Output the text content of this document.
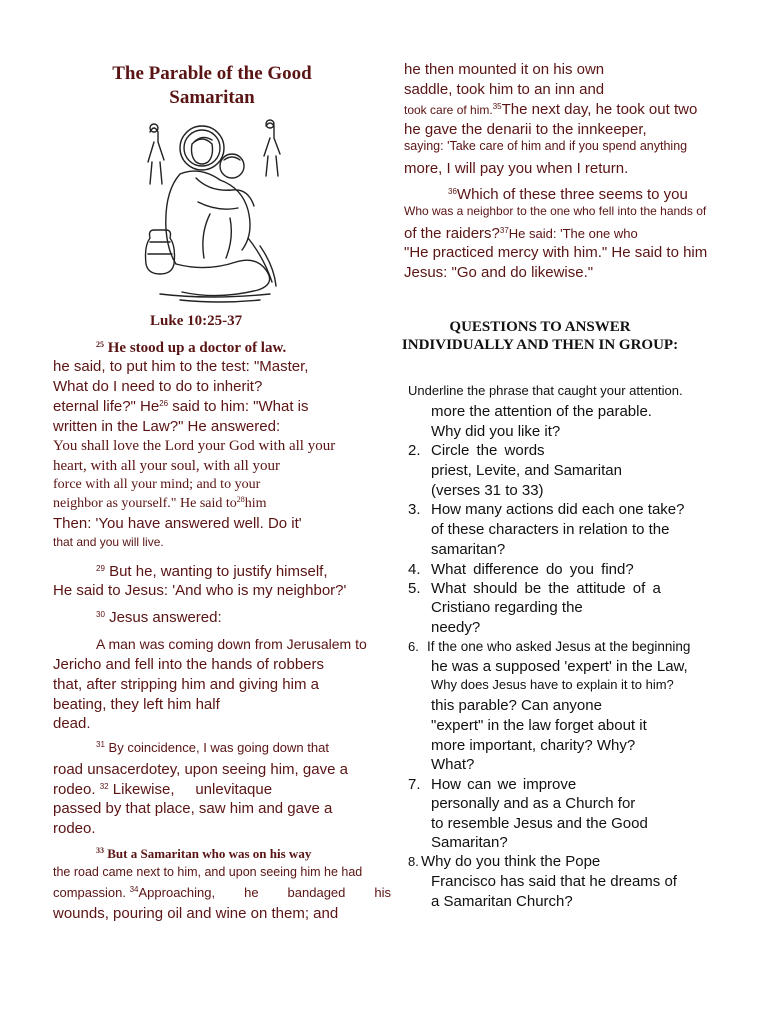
The Parable of the Good Samaritan
Luke 10:25-37
$^{25}$ He stood up a doctor of law.
he said, to put him to the test: "Master,
What do I need to do to inherit?
eternal life?" He$^{26}$ said to him: "What is
written in the Law?" He answered:
You shall love the Lord your God with all your
heart, with all your soul, with all your
force with all your mind; and to your
neighbor as yourself." He said $to^{28}him$
Then: 'You have answered well. Do it'
that and you will live.
$^{29}$ But he, wanting to justify himself,
He said to Jesus: 'And who is my neighbor?'
$^{30}$ Jesus answered:
A man was coming down from Jerusalem to
Jericho and fell into the hands of robbers
that, after stripping him and giving him a
beating, they left him half
dead.
$^{31}$ By coincidence, I was going down that
road unsacerdotey, upon seeing him, gave a
rodeo. $^{32}$ Likewise, unlevitaque
passed by that place, saw him and gave a
rodeo.
$^{33}$ But a Samaritan who was on his way
the road came next to him, and upon seeing him he had
compassion. $^{34}$Approaching, he bandaged his
wounds, pouring oil and wine on them; and
he then mounted it on his own
saddle, took him to an inn and
took care of him.$^{35}$The next day, he took out two
he gave the denarii to the innkeeper,
saying: 'Take care of him and if you spend anything
more, I will pay you when I return.
$^{36}$Which of these three seems to you
Who was a neighbor to the one who fell into the hands of
of the raiders?$^{37}$He said: 'The one who
"He practiced mercy with him." He said to him
Jesus: "Go and do likewise."
QUESTIONS TO ANSWER INDIVIDUALLY AND THEN IN GROUP:
Underline the phrase that caught your attention.
more the attention of the parable.
Why did you like it?
2. Circle the words
priest, Levite, and Samaritan
(verses 31 to 33)
3. How many actions did each one take?
of these characters in relation to the
samaritan?
4. What difference do you find?
5. What should be the attitude of a
Cristiano regarding the
needy?
6. If the one who asked Jesus at the beginning
he was a supposed 'expert' in the Law,
Why does Jesus have to explain it to him?
this parable? Can anyone
"expert" in the law forget about it
more important, charity? Why?
What?
7. How can we improve
personally and as a Church for
to resemble Jesus and the Good
Samaritan?
8. Why do you think the Pope
Francisco has said that he dreams of
a Samaritan Church?
